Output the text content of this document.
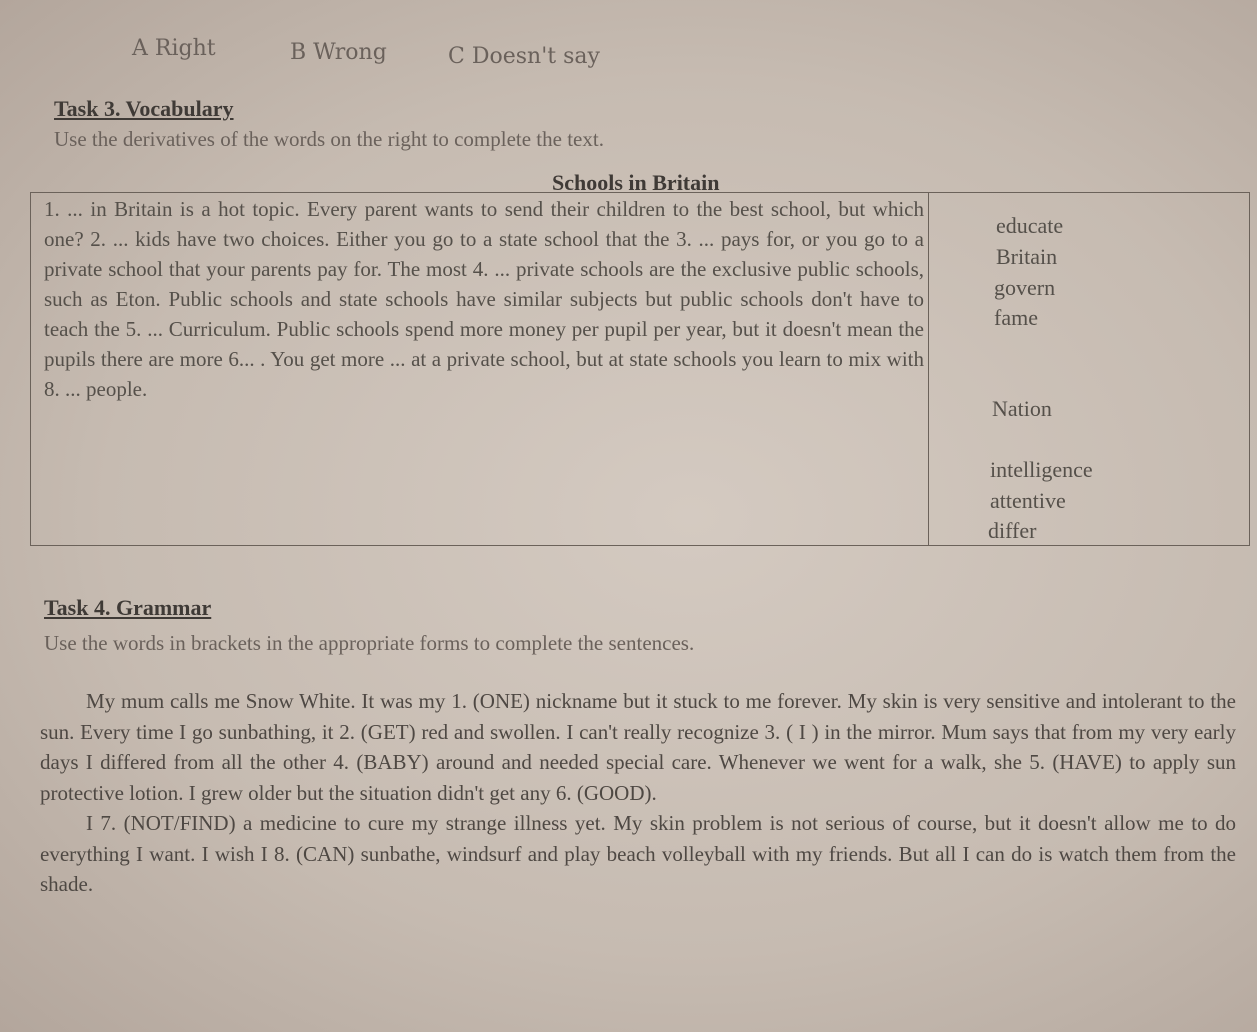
A Right	B Wrong	C Doesn't say
Task 3. Vocabulary
Use the derivatives of the words on the right to complete the text.
Schools in Britain
1. ... in Britain is a hot topic. Every parent wants to send their children to the best school, but which one? 2. ... kids have two choices. Either you go to a state school that the 3. ... pays for, or you go to a private school that your parents pay for. The most 4. ... private schools are the exclusive public schools, such as Eton. Public schools and state schools have similar subjects but public schools don't have to teach the 5. ... Curriculum. Public schools spend more money per pupil per year, but it doesn't mean the pupils there are more 6... . You get more ... at a private school, but at state schools you learn to mix with 8. ... people.
educate
Britain
govern
fame
Nation
intelligence
attentive
differ
Task 4. Grammar
Use the words in brackets in the appropriate forms to complete the sentences.

My mum calls me Snow White. It was my 1. (ONE) nickname but it stuck to me forever. My skin is very sensitive and intolerant to the sun. Every time I go sunbathing, it 2. (GET) red and swollen. I can't really recognize 3. ( I ) in the mirror. Mum says that from my very early days I differed from all the other 4. (BABY) around and needed special care. Whenever we went for a walk, she 5. (HAVE) to apply sun protective lotion. I grew older but the situation didn't get any 6. (GOOD).

I 7. (NOT/FIND) a medicine to cure my strange illness yet. My skin problem is not serious of course, but it doesn't allow me to do everything I want. I wish I 8. (CAN) sunbathe, windsurf and play beach volleyball with my friends. But all I can do is watch them from the shade.
